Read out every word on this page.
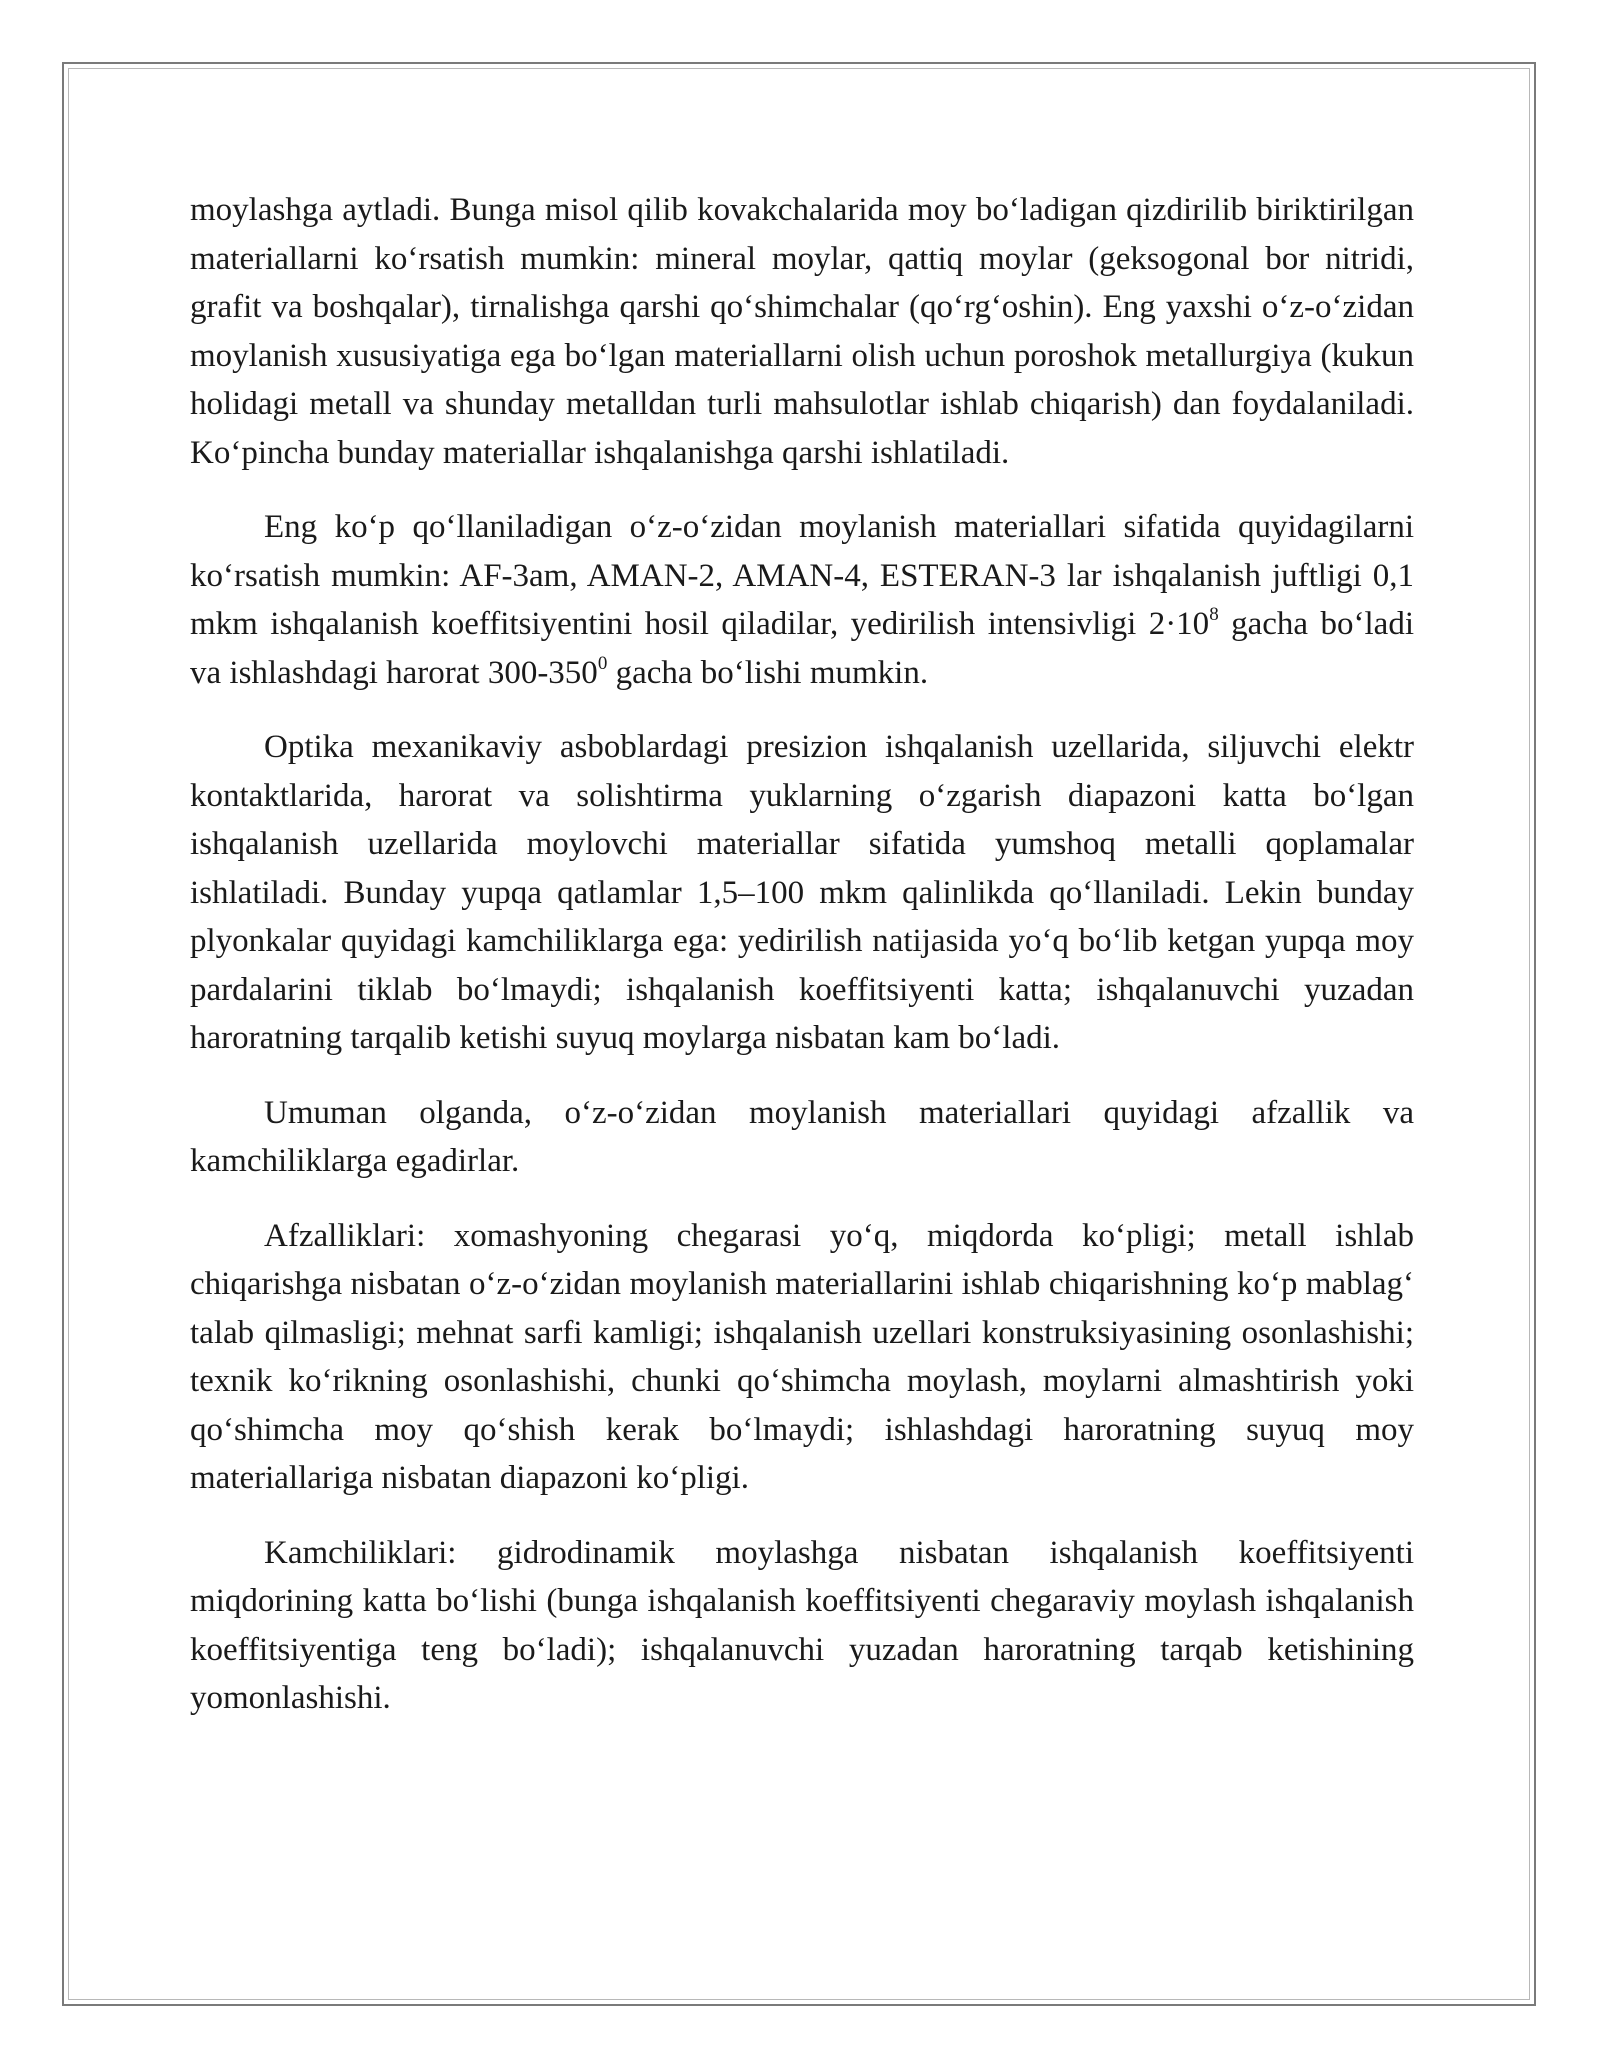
moylashga aytladi. Bunga misol qilib kovakchalarida moy boʻladigan qizdirilib biriktirilgan materiallarni koʻrsatish mumkin: mineral moylar, qattiq moylar (geksogonal bor nitridi, grafit va boshqalar), tirnalishga qarshi qoʻshimchalar (qoʻrgʻoshin). Eng yaxshi oʻz-oʻzidan moylanish xususiyatiga ega boʻlgan materiallarni olish uchun poroshok metallurgiya (kukun holidagi metall va shunday metalldan turli mahsulotlar ishlab chiqarish) dan foydalaniladi. Koʻpincha bunday materiallar ishqalanishga qarshi ishlatiladi.

Eng koʻp qoʻllaniladigan oʻz-oʻzidan moylanish materiallari sifatida quyidagilarni koʻrsatish mumkin: AF-3am, AMAN-2, AMAN-4, ESTERAN-3 lar ishqalanish juftligi 0,1 mkm ishqalanish koeffitsiyentini hosil qiladilar, yedirilish intensivligi $2\cdot 10^8$ gacha boʻladi va ishlashdagi harorat $300-350^0$ gacha boʻlishi mumkin.

Optika mexanikaviy asboblardagi presizion ishqalanish uzellarida, siljuvchi elektr kontaktlarida, harorat va solishtirma yuklarning oʻzgarish diapazoni katta boʻlgan ishqalanish uzellarida moylovchi materiallar sifatida yumshoq metalli qoplamalar ishlatiladi. Bunday yupqa qatlamlar 1,5–100 mkm qalinlikda qoʻllaniladi. Lekin bunday plyonkalar quyidagi kamchiliklarga ega: yedirilish natijasida yoʻq boʻlib ketgan yupqa moy pardalarini tiklab boʻlmaydi; ishqalanish koeffitsiyenti katta; ishqalanuvchi yuzadan haroratning tarqalib ketishi suyuq moylarga nisbatan kam boʻladi.

Umuman olganda, oʻz-oʻzidan moylanish materiallari quyidagi afzallik va kamchiliklarga egadirlar.

Afzalliklari: xomashyoning chegarasi yoʻq, miqdorda koʻpligi; metall ishlab chiqarishga nisbatan oʻz-oʻzidan moylanish materiallarini ishlab chiqarishning koʻp mablagʻ talab qilmasligi; mehnat sarfi kamligi; ishqalanish uzellari konstruksiyasining osonlashishi; texnik koʻrikning osonlashishi, chunki qoʻshimcha moylash, moylarni almashtirish yoki qoʻshimcha moy qoʻshish kerak boʻlmaydi; ishlashdagi haroratning suyuq moy materiallariga nisbatan diapazoni koʻpligi.

Kamchiliklari: gidrodinamik moylashga nisbatan ishqalanish koeffitsiyenti miqdorining katta boʻlishi (bunga ishqalanish koeffitsiyenti chegaraviy moylash ishqalanish koeffitsiyentiga teng boʻladi); ishqalanuvchi yuzadan haroratning tarqab ketishining yomonlashishi.
